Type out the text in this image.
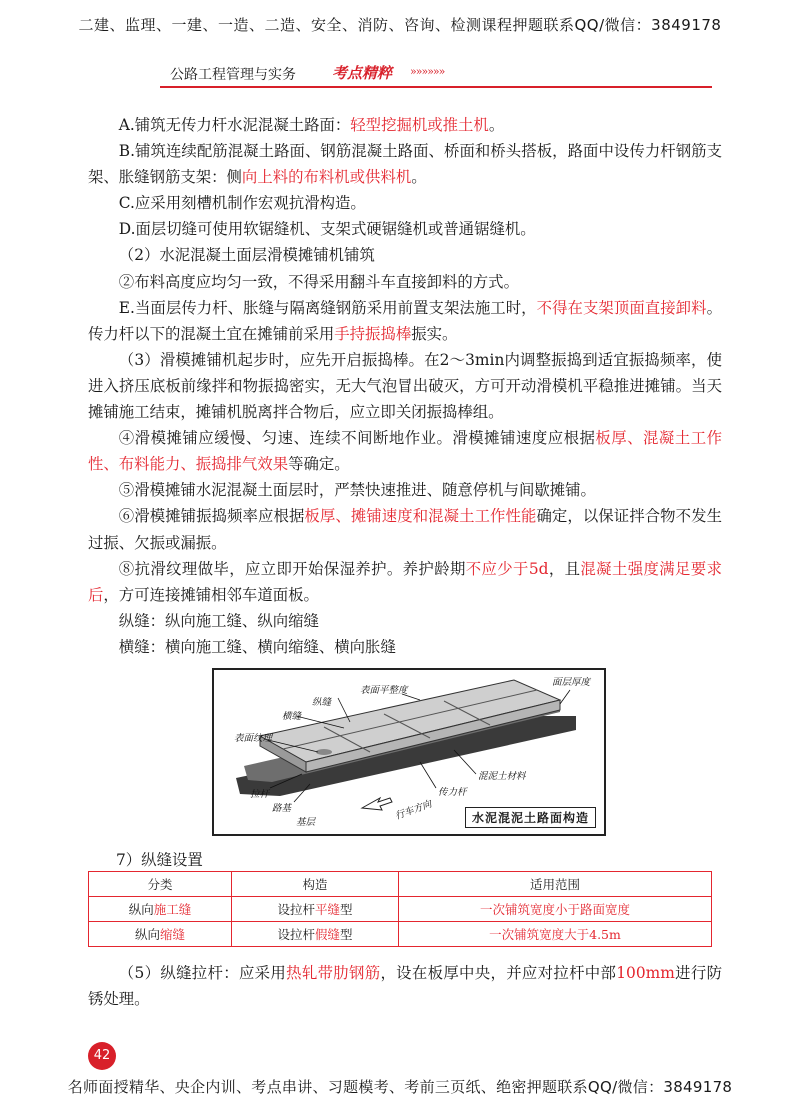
二建、监理、一建、一造、二造、安全、消防、咨询、检测课程押题联系QQ/微信：3849178
公路工程管理与实务 考点精粹 »»»»»»

A.铺筑无传力杆水泥混凝土路面：轻型挖掘机或推土机。

B.铺筑连续配筋混凝土路面、钢筋混凝土路面、桥面和桥头搭板，路面中设传力杆钢筋支架、胀缝钢筋支架：侧向上料的布料机或供料机。

C.应采用刻槽机制作宏观抗滑构造。

D.面层切缝可使用软锯缝机、支架式硬锯缝机或普通锯缝机。

（2）水泥混凝土面层滑模摊铺机铺筑

②布料高度应均匀一致，不得采用翻斗车直接卸料的方式。

E.当面层传力杆、胀缝与隔离缝钢筋采用前置支架法施工时，不得在支架顶面直接卸料。传力杆以下的混凝土宜在摊铺前采用手持振捣棒振实。

（3）滑模摊铺机起步时，应先开启振捣棒。在2～3min内调整振捣到适宜振捣频率，使进入挤压底板前缘拌和物振捣密实，无大气泡冒出破灭，方可开动滑模机平稳推进摊铺。当天摊铺施工结束，摊铺机脱离拌合物后，应立即关闭振捣棒组。

④滑模摊铺应缓慢、匀速、连续不间断地作业。滑模摊铺速度应根据板厚、混凝土工作性、布料能力、振捣排气效果等确定。

⑤滑模摊铺水泥混凝土面层时，严禁快速推进、随意停机与间歇摊铺。

⑥滑模摊铺振捣频率应根据板厚、摊铺速度和混凝土工作性能确定，以保证拌合物不发生过振、欠振或漏振。

⑧抗滑纹理做毕，应立即开始保湿养护。养护龄期不应少于5d，且混凝土强度满足要求后，方可连接摊铺相邻车道面板。

纵缝：纵向施工缝、纵向缩缝

横缝：横向施工缝、横向缩缝、横向胀缝

表面平整度
面层厚度
纵缝
横缝
表面纹理
混泥土材料
传力杆
拉杆
路基
基层
行车方向	水泥混泥土路面构造
7）纵缝设置
分类	构造	适用范围
纵向施工缝	设拉杆平缝型	一次铺筑宽度小于路面宽度
纵向缩缝	设拉杆假缝型	一次铺筑宽度大于4.5m

（5）纵缝拉杆：应采用热轧带肋钢筋，设在板厚中央，并应对拉杆中部100mm进行防锈处理。

42
名师面授精华、央企内训、考点串讲、习题模考、考前三页纸、绝密押题联系QQ/微信：3849178
